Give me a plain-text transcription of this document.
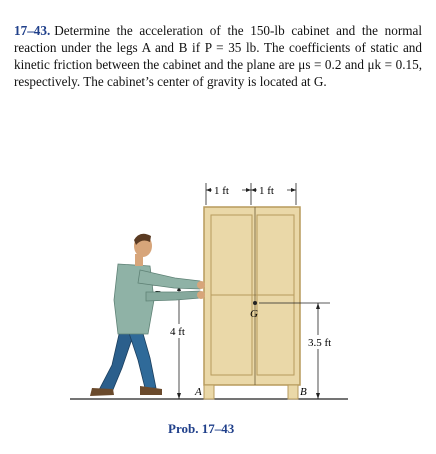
17–43. Determine the acceleration of the 150-lb cabinet and the normal reaction under the legs A and B if P = 35 lb. The coefficients of static and kinetic friction between the cabinet and the plane are μs = 0.2 and μk = 0.15, respectively. The cabinet’s center of gravity is located at G.

1 ft	1 ft
G
3.5 ft
4 ft
A	B
Prob. 17–43
